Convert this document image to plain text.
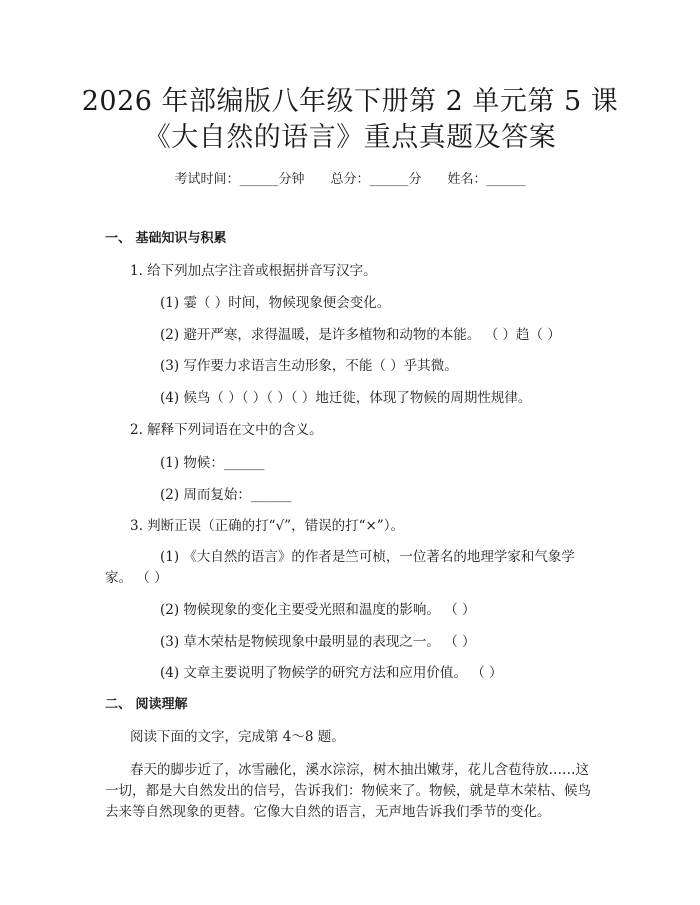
2026 年部编版八年级下册第 2 单元第 5 课
《大自然的语言》重点真题及答案
考试时间：______分钟 总分：______分 姓名：______
一、 基础知识与积累
1. 给下列加点字注音或根据拼音写汉字。
(1) 霎（ ）时间，物候现象便会变化。
(2) 避开严寒，求得温暖，是许多植物和动物的本能。 （ ）趋（ ）
(3) 写作要力求语言生动形象，不能（ ）乎其微。
(4) 候鸟（ ）（ ）（ ）（ ）地迁徙，体现了物候的周期性规律。
2. 解释下列词语在文中的含义。
(1) 物候：______
(2) 周而复始：______
3. 判断正误（正确的打“√”，错误的打“×”）。
(1) 《大自然的语言》的作者是竺可桢，一位著名的地理学家和气象学
家。 （ ）
(2) 物候现象的变化主要受光照和温度的影响。 （ ）
(3) 草木荣枯是物候现象中最明显的表现之一。 （ ）
(4) 文章主要说明了物候学的研究方法和应用价值。 （ ）
二、 阅读理解
阅读下面的文字，完成第 4～8 题。
春天的脚步近了，冰雪融化，溪水淙淙，树木抽出嫩芽，花儿含苞待放……这
一切，都是大自然发出的信号，告诉我们：物候来了。物候，就是草木荣枯、候鸟
去来等自然现象的更替。它像大自然的语言，无声地告诉我们季节的变化。
